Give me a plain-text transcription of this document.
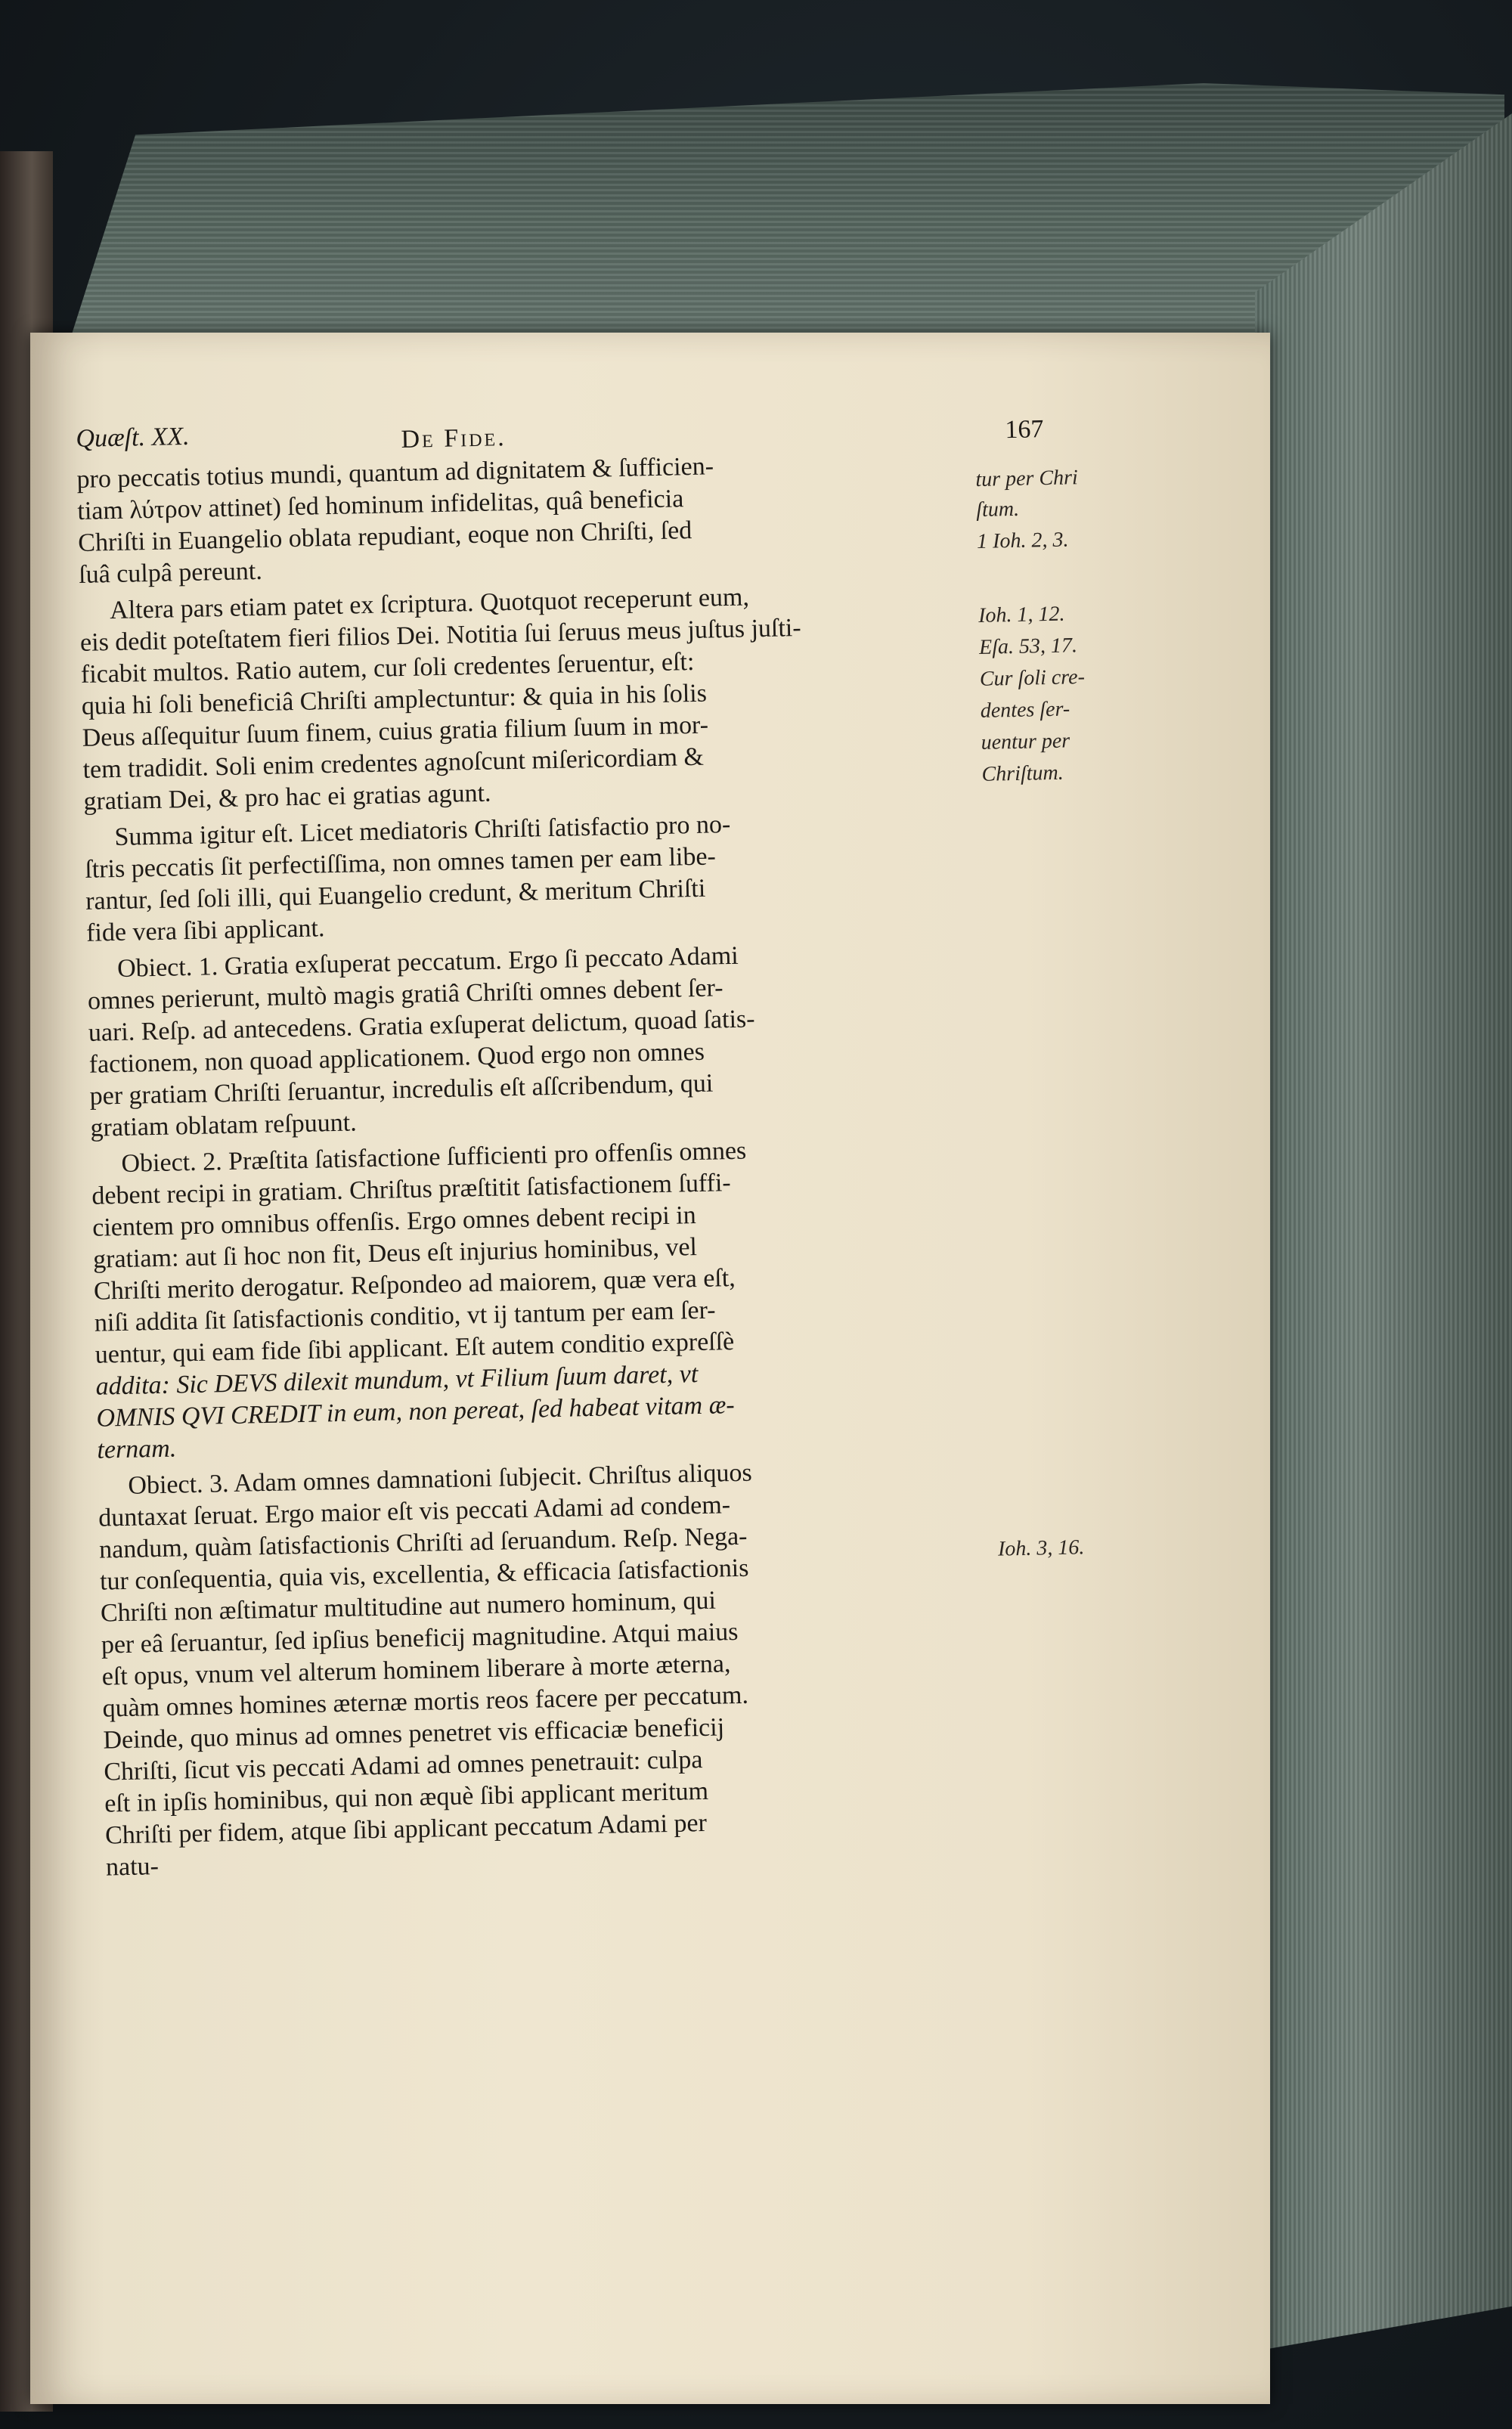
Quæſt. XX.	De Fide.	167
pro peccatis totius mundi, quantum ad dignitatem & ſufficien-
tiam λύτρον attinet) ſed hominum infidelitas, quâ beneficia
Chriſti in Euangelio oblata repudiant, eoque non Chriſti, ſed
ſuâ culpâ pereunt.
Altera pars etiam patet ex ſcriptura. Quotquot receperunt eum,
eis dedit poteſtatem fieri filios Dei. Notitia ſui ſeruus meus juſtus juſti-
ficabit multos. Ratio autem, cur ſoli credentes ſeruentur, eſt:
quia hi ſoli beneficiâ Chriſti amplectuntur: & quia in his ſolis
Deus aſſequitur ſuum finem, cuius gratia filium ſuum in mor-
tem tradidit. Soli enim credentes agnoſcunt miſericordiam &
gratiam Dei, & pro hac ei gratias agunt.
Summa igitur eſt. Licet mediatoris Chriſti ſatisfactio pro no-
ſtris peccatis ſit perfectiſſima, non omnes tamen per eam libe-
rantur, ſed ſoli illi, qui Euangelio credunt, & meritum Chriſti
fide vera ſibi applicant.
Obiect. 1. Gratia exſuperat peccatum. Ergo ſi peccato Adami
omnes perierunt, multò magis gratiâ Chriſti omnes debent ſer-
uari. Reſp. ad antecedens. Gratia exſuperat delictum, quoad ſatis-
factionem, non quoad applicationem. Quod ergo non omnes
per gratiam Chriſti ſeruantur, incredulis eſt aſſcribendum, qui
gratiam oblatam reſpuunt.
Obiect. 2. Præſtita ſatisfactione ſufficienti pro offenſis omnes
debent recipi in gratiam. Chriſtus præſtitit ſatisfactionem ſuffi-
cientem pro omnibus offenſis. Ergo omnes debent recipi in
gratiam: aut ſi hoc non fit, Deus eſt injurius hominibus, vel
Chriſti merito derogatur. Reſpondeo ad maiorem, quæ vera eſt,
niſi addita ſit ſatisfactionis conditio, vt ij tantum per eam ſer-
uentur, qui eam fide ſibi applicant. Eſt autem conditio expreſſè
addita: Sic DEVS dilexit mundum, vt Filium ſuum daret, vt
OMNIS QVI CREDIT in eum, non pereat, ſed habeat vitam æ-
ternam.
Obiect. 3. Adam omnes damnationi ſubjecit. Chriſtus aliquos
duntaxat ſeruat. Ergo maior eſt vis peccati Adami ad condem-
nandum, quàm ſatisfactionis Chriſti ad ſeruandum. Reſp. Nega-
tur conſequentia, quia vis, excellentia, & efficacia ſatisfactionis
Chriſti non æſtimatur multitudine aut numero hominum, qui
per eâ ſeruantur, ſed ipſius beneficij magnitudine. Atqui maius
eſt opus, vnum vel alterum hominem liberare à morte æterna,
quàm omnes homines æternæ mortis reos facere per peccatum.
Deinde, quo minus ad omnes penetret vis efficaciæ beneficij
Chriſti, ſicut vis peccati Adami ad omnes penetrauit: culpa
eſt in ipſis hominibus, qui non æquè ſibi applicant meritum
Chriſti per fidem, atque ſibi applicant peccatum Adami per
natu-
tur per Chri
ſtum.
1 Ioh. 2, 3.
Ioh. 1, 12.
Eſa. 53, 17.
Cur ſoli cre-
dentes ſer-
uentur per
Chriſtum.
Ioh. 3, 16.
